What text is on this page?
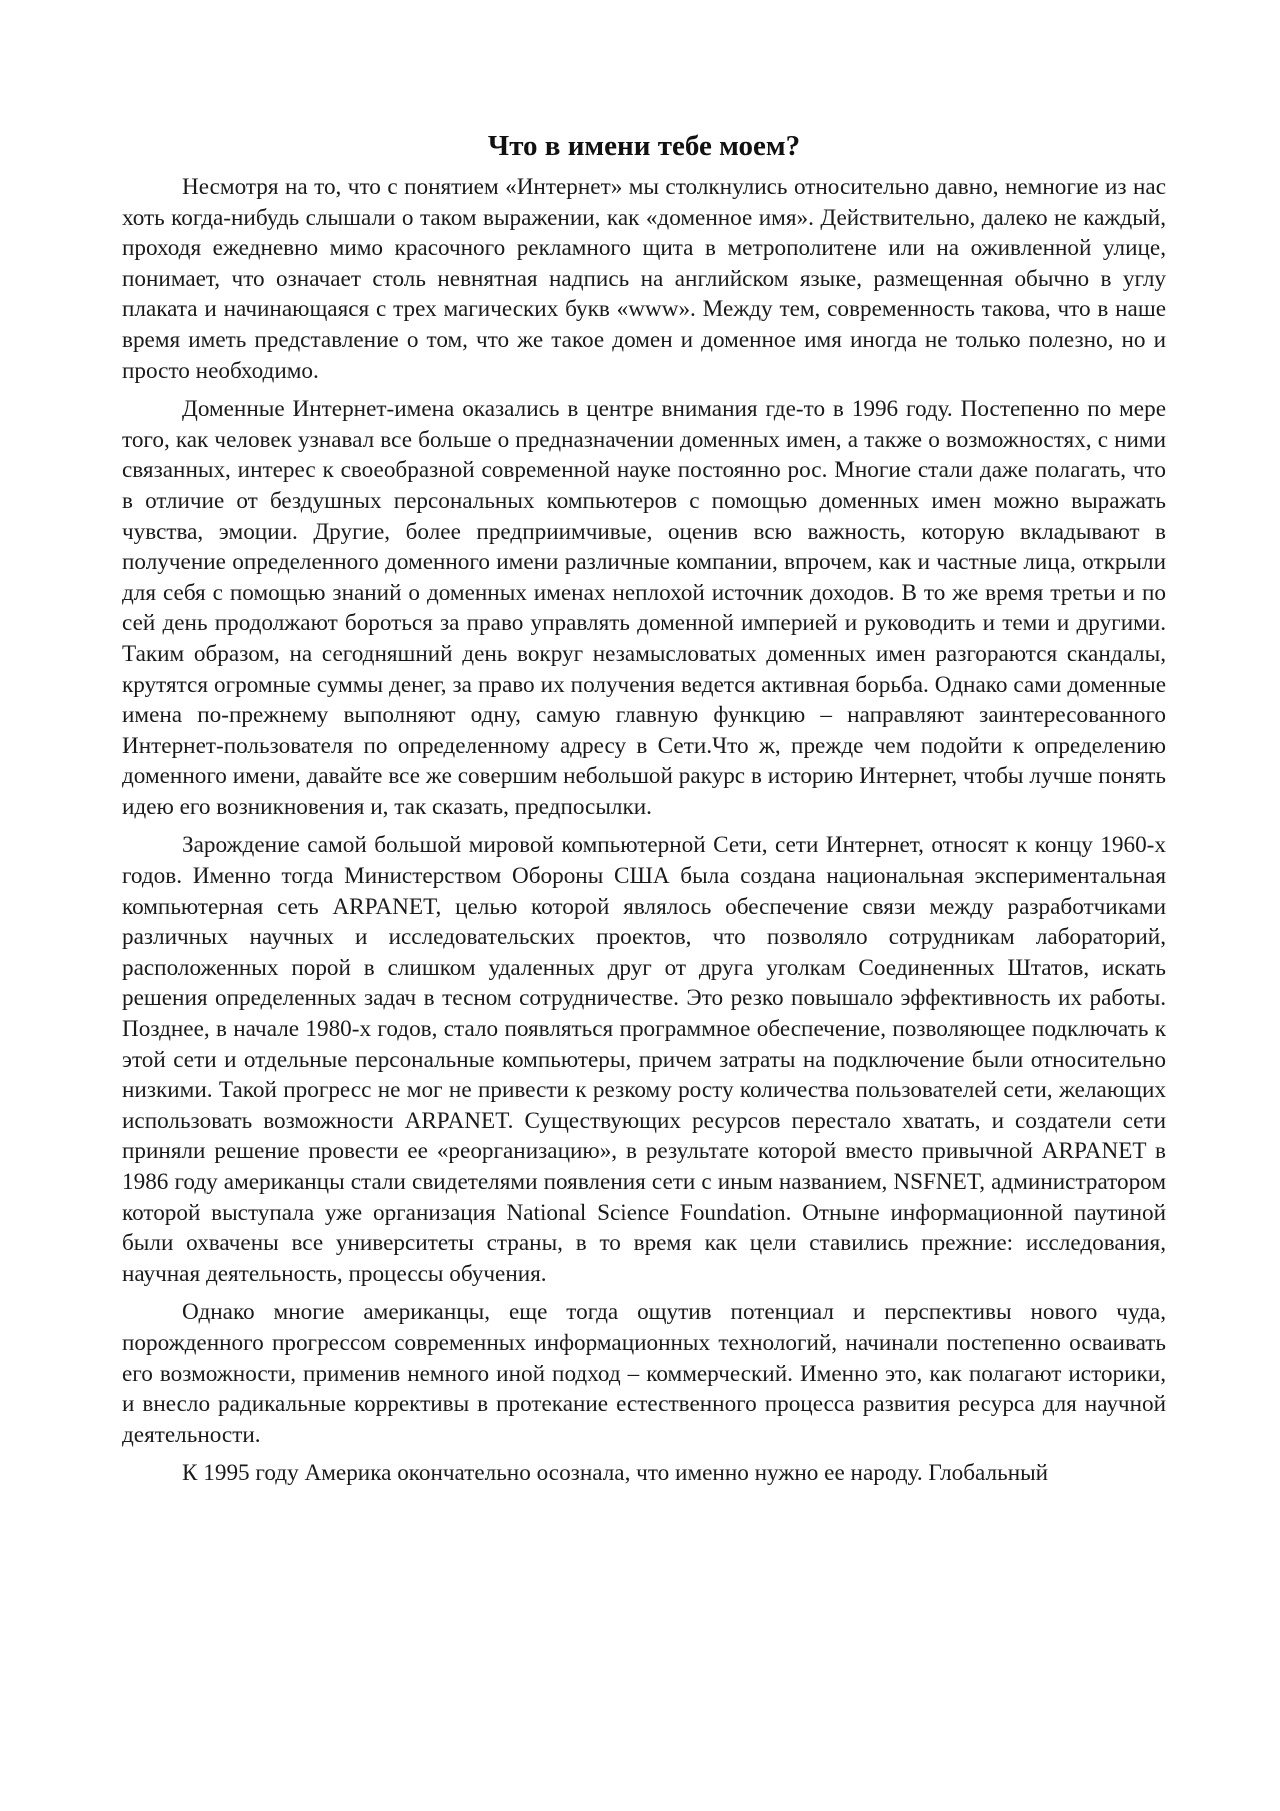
Что в имени тебе моем?

Несмотря на то, что с понятием «Интернет» мы столкнулись относительно давно, немногие из нас хоть когда-нибудь слышали о таком выражении, как «доменное имя». Действительно, далеко не каждый, проходя ежедневно мимо красочного рекламного щита в метрополитене или на оживленной улице, понимает, что означает столь невнятная надпись на английском языке, размещенная обычно в углу плаката и начинающаяся с трех магических букв «www». Между тем, современность такова, что в наше время иметь представление о том, что же такое домен и доменное имя иногда не только полезно, но и просто необходимо.

Доменные Интернет-имена оказались в центре внимания где-то в 1996 году. Постепенно по мере того, как человек узнавал все больше о предназначении доменных имен, а также о возможностях, с ними связанных, интерес к своеобразной современной науке постоянно рос. Многие стали даже полагать, что в отличие от бездушных персональных компьютеров с помощью доменных имен можно выражать чувства, эмоции. Другие, более предприимчивые, оценив всю важность, которую вкладывают в получение определенного доменного имени различные компании, впрочем, как и частные лица, открыли для себя с помощью знаний о доменных именах неплохой источник доходов. В то же время третьи и по сей день продолжают бороться за право управлять доменной империей и руководить и теми и другими. Таким образом, на сегодняшний день вокруг незамысловатых доменных имен разгораются скандалы, крутятся огромные суммы денег, за право их получения ведется активная борьба. Однако сами доменные имена по-прежнему выполняют одну, самую главную функцию – направляют заинтересованного Интернет-пользователя по определенному адресу в Сети.Что ж, прежде чем подойти к определению доменного имени, давайте все же совершим небольшой ракурс в историю Интернет, чтобы лучше понять идею его возникновения и, так сказать, предпосылки.

Зарождение самой большой мировой компьютерной Сети, сети Интернет, относят к концу 1960-х годов. Именно тогда Министерством Обороны США была создана национальная экспериментальная компьютерная сеть ARPANET, целью которой являлось обеспечение связи между разработчиками различных научных и исследовательских проектов, что позволяло сотрудникам лабораторий, расположенных порой в слишком удаленных друг от друга уголкам Соединенных Штатов, искать решения определенных задач в тесном сотрудничестве. Это резко повышало эффективность их работы. Позднее, в начале 1980-х годов, стало появляться программное обеспечение, позволяющее подключать к этой сети и отдельные персональные компьютеры, причем затраты на подключение были относительно низкими. Такой прогресс не мог не привести к резкому росту количества пользователей сети, желающих использовать возможности ARPANET. Существующих ресурсов перестало хватать, и создатели сети приняли решение провести ее «реорганизацию», в результате которой вместо привычной ARPANET в 1986 году американцы стали свидетелями появления сети с иным названием, NSFNET, администратором которой выступала уже организация National Science Foundation. Отныне информационной паутиной были охвачены все университеты страны, в то время как цели ставились прежние: исследования, научная деятельность, процессы обучения.

Однако многие американцы, еще тогда ощутив потенциал и перспективы нового чуда, порожденного прогрессом современных информационных технологий, начинали постепенно осваивать его возможности, применив немного иной подход – коммерческий. Именно это, как полагают историки, и внесло радикальные коррективы в протекание естественного процесса развития ресурса для научной деятельности.

К 1995 году Америка окончательно осознала, что именно нужно ее народу. Глобальный
